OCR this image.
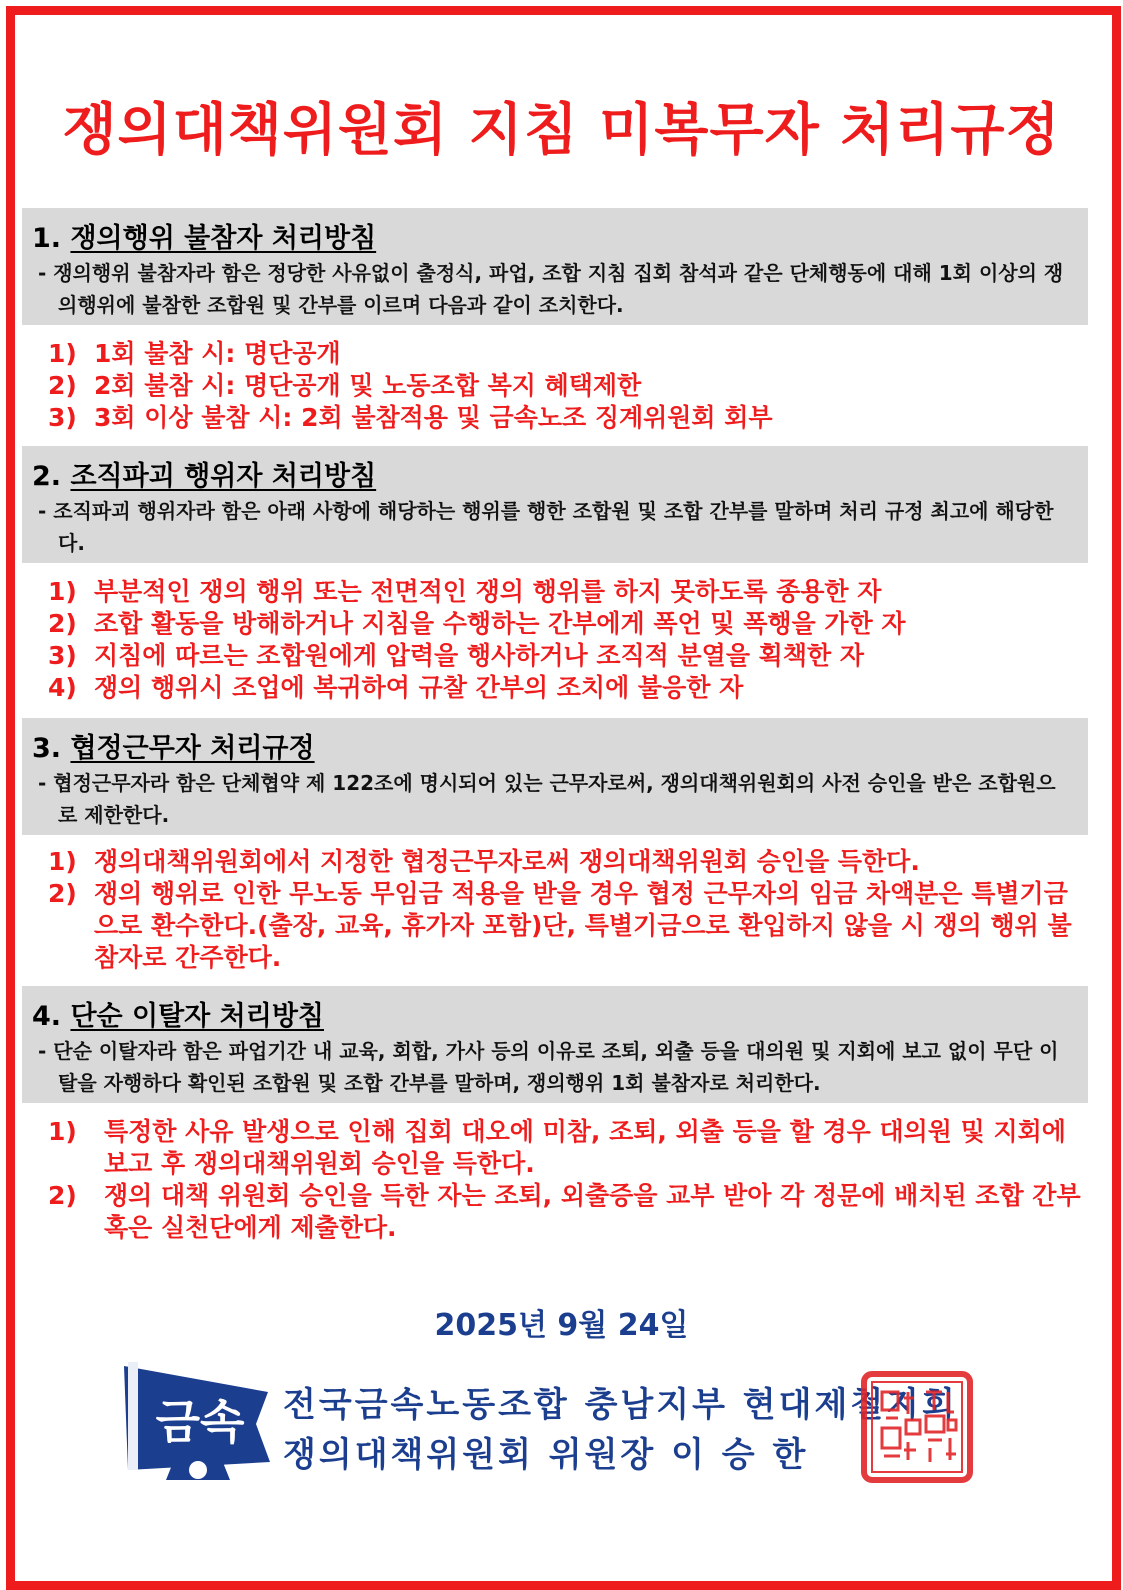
쟁의대책위원회 지침 미복무자 처리규정
1. 쟁의행위 불참자 처리방침

- 쟁의행위 불참자라 함은 정당한 사유없이 출정식, 파업, 조합 지침 집회 참석과 같은 단체행동에 대해 1회 이상의 쟁의행위에 불참한 조합원 및 간부를 이르며 다음과 같이 조치한다.

1) 1회 불참 시: 명단공개
2) 2회 불참 시: 명단공개 및 노동조합 복지 혜택제한
3) 3회 이상 불참 시: 2회 불참적용 및 금속노조 징계위원회 회부
2. 조직파괴 행위자 처리방침

- 조직파괴 행위자라 함은 아래 사항에 해당하는 행위를 행한 조합원 및 조합 간부를 말하며 처리 규정 최고에 해당한다.

1) 부분적인 쟁의 행위 또는 전면적인 쟁의 행위를 하지 못하도록 종용한 자
2) 조합 활동을 방해하거나 지침을 수행하는 간부에게 폭언 및 폭행을 가한 자
3) 지침에 따르는 조합원에게 압력을 행사하거나 조직적 분열을 획책한 자
4) 쟁의 행위시 조업에 복귀하여 규찰 간부의 조치에 불응한 자
3. 협정근무자 처리규정

- 협정근무자라 함은 단체협약 제 122조에 명시되어 있는 근무자로써, 쟁의대책위원회의 사전 승인을 받은 조합원으로 제한한다.

1) 쟁의대책위원회에서 지정한 협정근무자로써 쟁의대책위원회 승인을 득한다.
2) 쟁의 행위로 인한 무노동 무임금 적용을 받을 경우 협정 근무자의 임금 차액분은 특별기금으로 환수한다.(출장, 교육, 휴가자 포함)단, 특별기금으로 환입하지 않을 시 쟁의 행위 불참자로 간주한다.
4. 단순 이탈자 처리방침

- 단순 이탈자라 함은 파업기간 내 교육, 회합, 가사 등의 이유로 조퇴, 외출 등을 대의원 및 지회에 보고 없이 무단 이탈을 자행하다 확인된 조합원 및 조합 간부를 말하며, 쟁의행위 1회 불참자로 처리한다.

1)	특정한 사유 발생으로 인해 집회 대오에 미참, 조퇴, 외출 등을 할 경우 대의원 및 지회에 보고 후 쟁의대책위원회 승인을 득한다.
2)	쟁의 대책 위원회 승인을 득한 자는 조퇴, 외출증을 교부 받아 각 정문에 배치된 조합 간부 혹은 실천단에게 제출한다.
2025년 9월 24일
금속 전국금속노동조합 충남지부 현대제철지회
쟁의대책위원회 위원장 이 승 한
